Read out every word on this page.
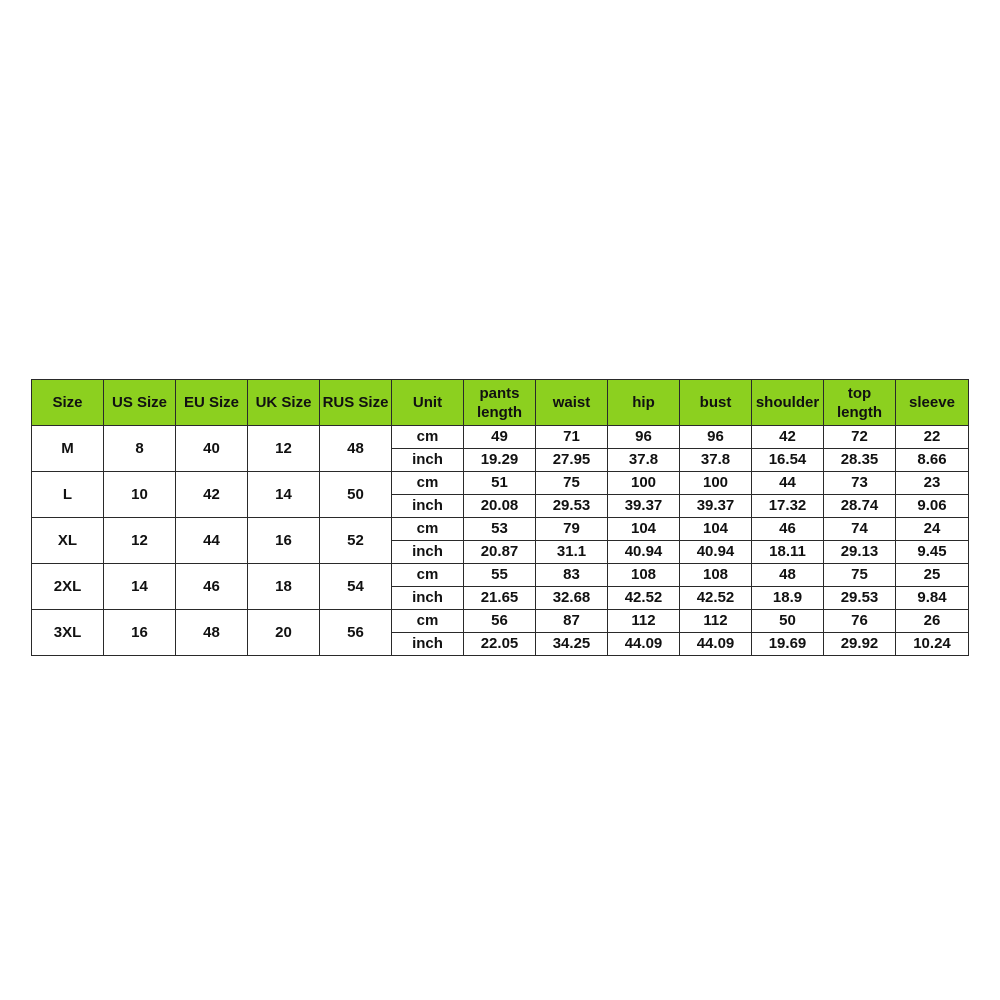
Size	US Size	EU Size	UK Size	RUS Size	Unit	pants length	waist	hip	bust	shoulder	top length	sleeve
M	8	40	12	48	cm	49	71	96	96	42	72	22
					inch	19.29	27.95	37.8	37.8	16.54	28.35	8.66
L	10	42	14	50	cm	51	75	100	100	44	73	23
					inch	20.08	29.53	39.37	39.37	17.32	28.74	9.06
XL	12	44	16	52	cm	53	79	104	104	46	74	24
					inch	20.87	31.1	40.94	40.94	18.11	29.13	9.45
2XL	14	46	18	54	cm	55	83	108	108	48	75	25
					inch	21.65	32.68	42.52	42.52	18.9	29.53	9.84
3XL	16	48	20	56	cm	56	87	112	112	50	76	26
					inch	22.05	34.25	44.09	44.09	19.69	29.92	10.24
